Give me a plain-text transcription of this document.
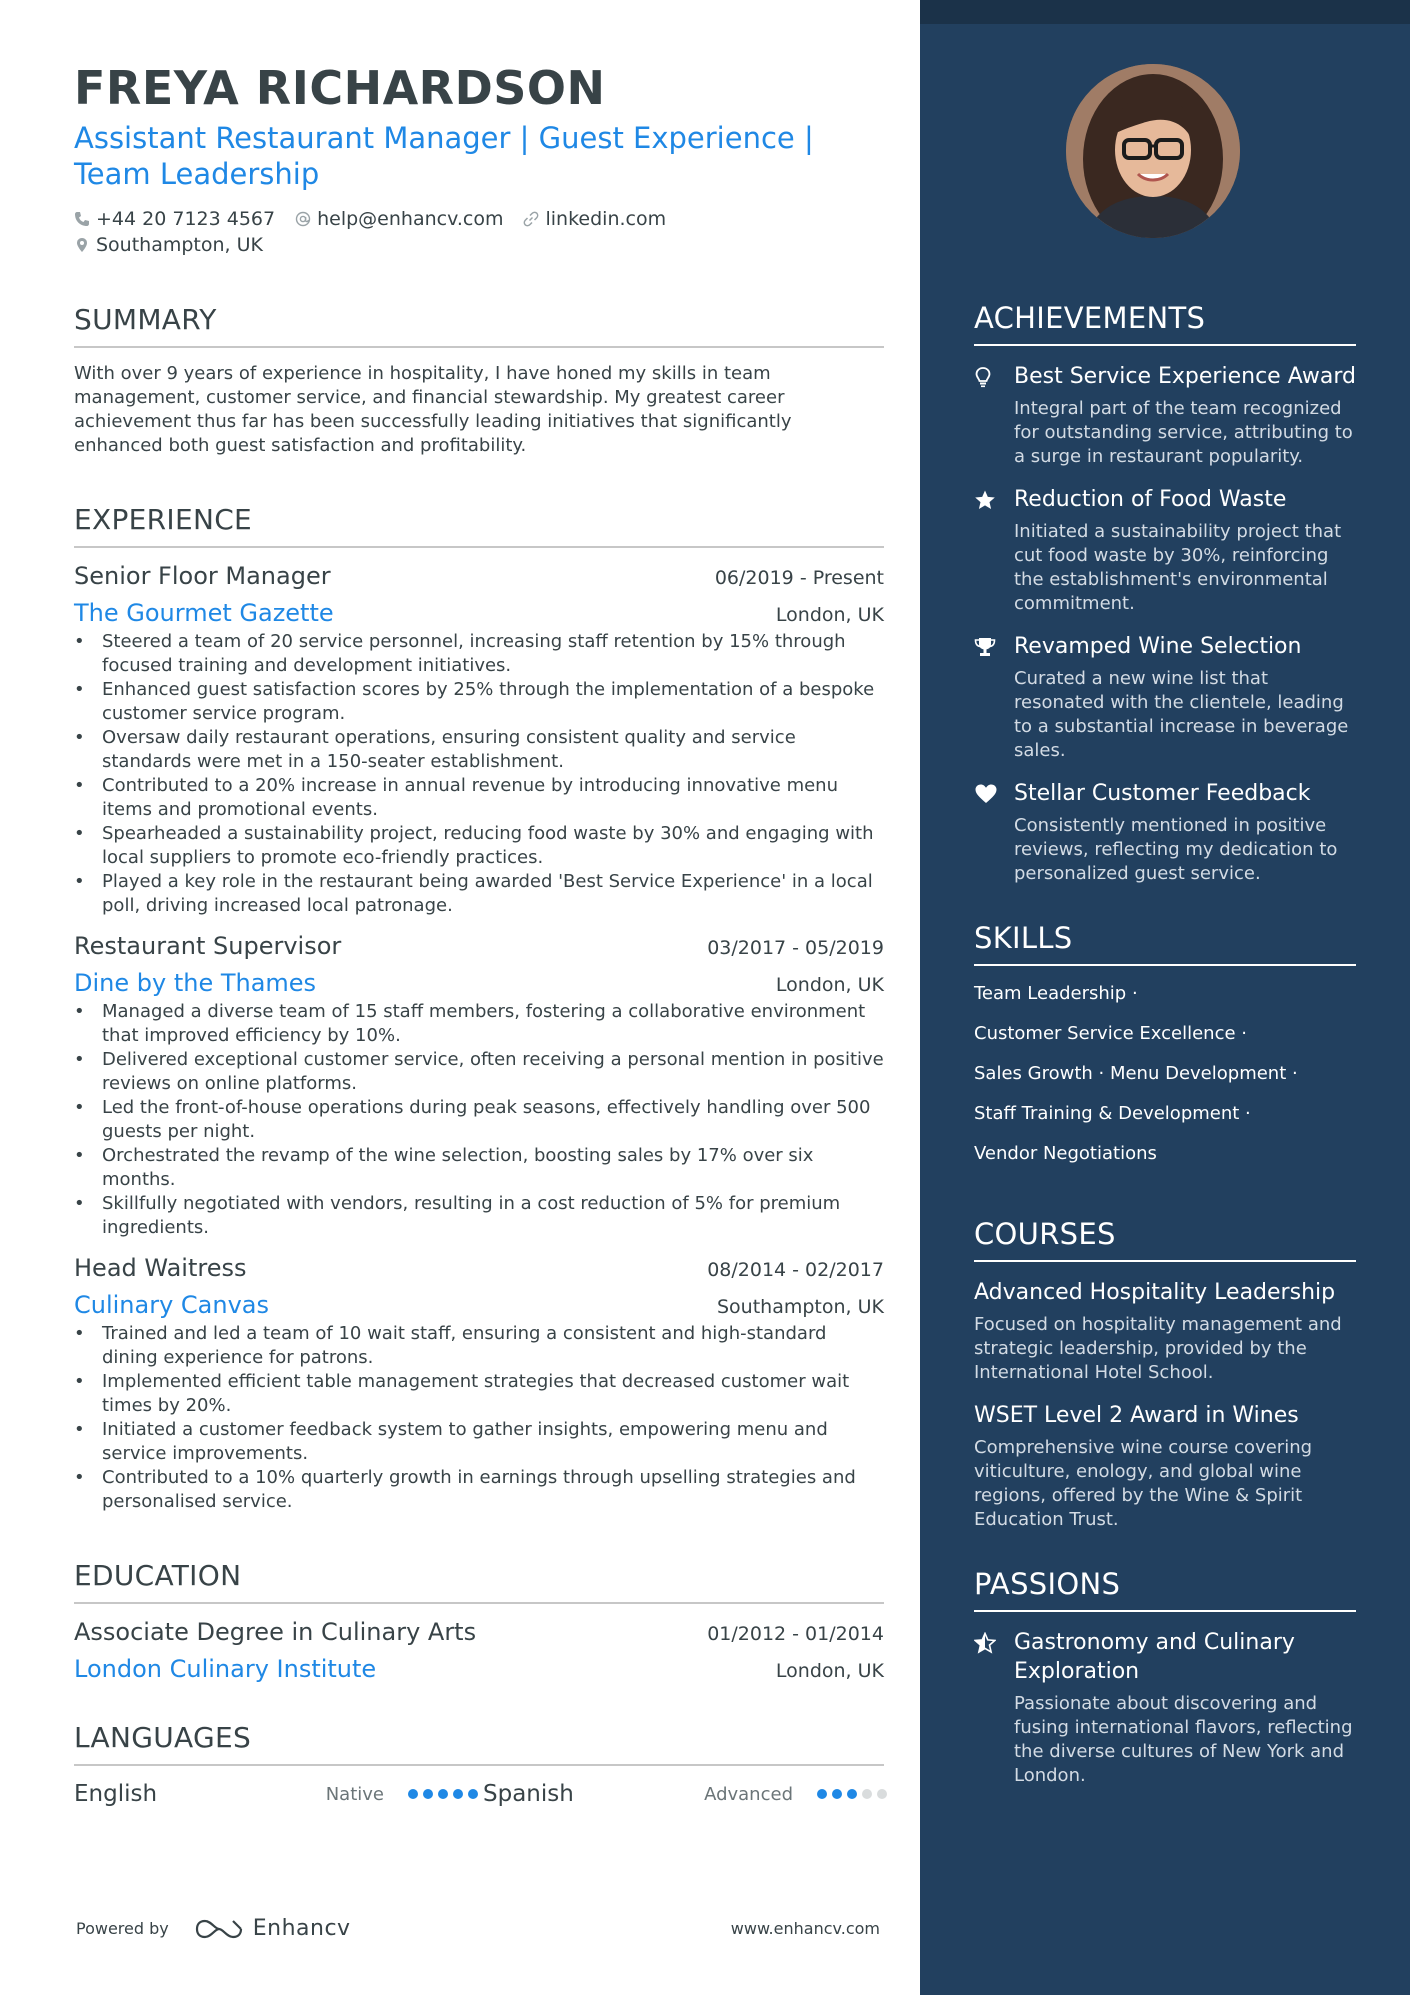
FREYA RICHARDSON
Assistant Restaurant Manager | Guest Experience | Team Leadership
+44 20 7123 4567 help@enhancv.com linkedin.com
Southampton, UK
SUMMARY
With over 9 years of experience in hospitality, I have honed my skills in team management, customer service, and financial stewardship. My greatest career achievement thus far has been successfully leading initiatives that significantly enhanced both guest satisfaction and profitability.
EXPERIENCE
Senior Floor Manager	06/2019 - Present
The Gourmet Gazette	London, UK
• Steered a team of 20 service personnel, increasing staff retention by 15% through focused training and development initiatives.
• Enhanced guest satisfaction scores by 25% through the implementation of a bespoke customer service program.
• Oversaw daily restaurant operations, ensuring consistent quality and service standards were met in a 150-seater establishment.
• Contributed to a 20% increase in annual revenue by introducing innovative menu items and promotional events.
• Spearheaded a sustainability project, reducing food waste by 30% and engaging with local suppliers to promote eco-friendly practices.
• Played a key role in the restaurant being awarded 'Best Service Experience' in a local poll, driving increased local patronage.
Restaurant Supervisor	03/2017 - 05/2019
Dine by the Thames	London, UK
• Managed a diverse team of 15 staff members, fostering a collaborative environment that improved efficiency by 10%.
• Delivered exceptional customer service, often receiving a personal mention in positive reviews on online platforms.
• Led the front-of-house operations during peak seasons, effectively handling over 500 guests per night.
• Orchestrated the revamp of the wine selection, boosting sales by 17% over six months.
• Skillfully negotiated with vendors, resulting in a cost reduction of 5% for premium ingredients.
Head Waitress	08/2014 - 02/2017
Culinary Canvas	Southampton, UK
• Trained and led a team of 10 wait staff, ensuring a consistent and high-standard dining experience for patrons.
• Implemented efficient table management strategies that decreased customer wait times by 20%.
• Initiated a customer feedback system to gather insights, empowering menu and service improvements.
• Contributed to a 10% quarterly growth in earnings through upselling strategies and personalised service.
EDUCATION
Associate Degree in Culinary Arts	01/2012 - 01/2014
London Culinary Institute	London, UK
LANGUAGES
English	Native	Spanish	Advanced
Powered by	Enhancv	www.enhancv.com
ACHIEVEMENTS
Best Service Experience Award
Integral part of the team recognized for outstanding service, attributing to a surge in restaurant popularity.
Reduction of Food Waste
Initiated a sustainability project that cut food waste by 30%, reinforcing the establishment's environmental commitment.
Revamped Wine Selection
Curated a new wine list that resonated with the clientele, leading to a substantial increase in beverage sales.
Stellar Customer Feedback
Consistently mentioned in positive reviews, reflecting my dedication to personalized guest service.
SKILLS
Team Leadership ·
Customer Service Excellence ·
Sales Growth · Menu Development ·
Staff Training & Development ·
Vendor Negotiations
COURSES
Advanced Hospitality Leadership
Focused on hospitality management and strategic leadership, provided by the International Hotel School.
WSET Level 2 Award in Wines
Comprehensive wine course covering viticulture, enology, and global wine regions, offered by the Wine & Spirit Education Trust.
PASSIONS
Gastronomy and Culinary Exploration
Passionate about discovering and fusing international flavors, reflecting the diverse cultures of New York and London.
